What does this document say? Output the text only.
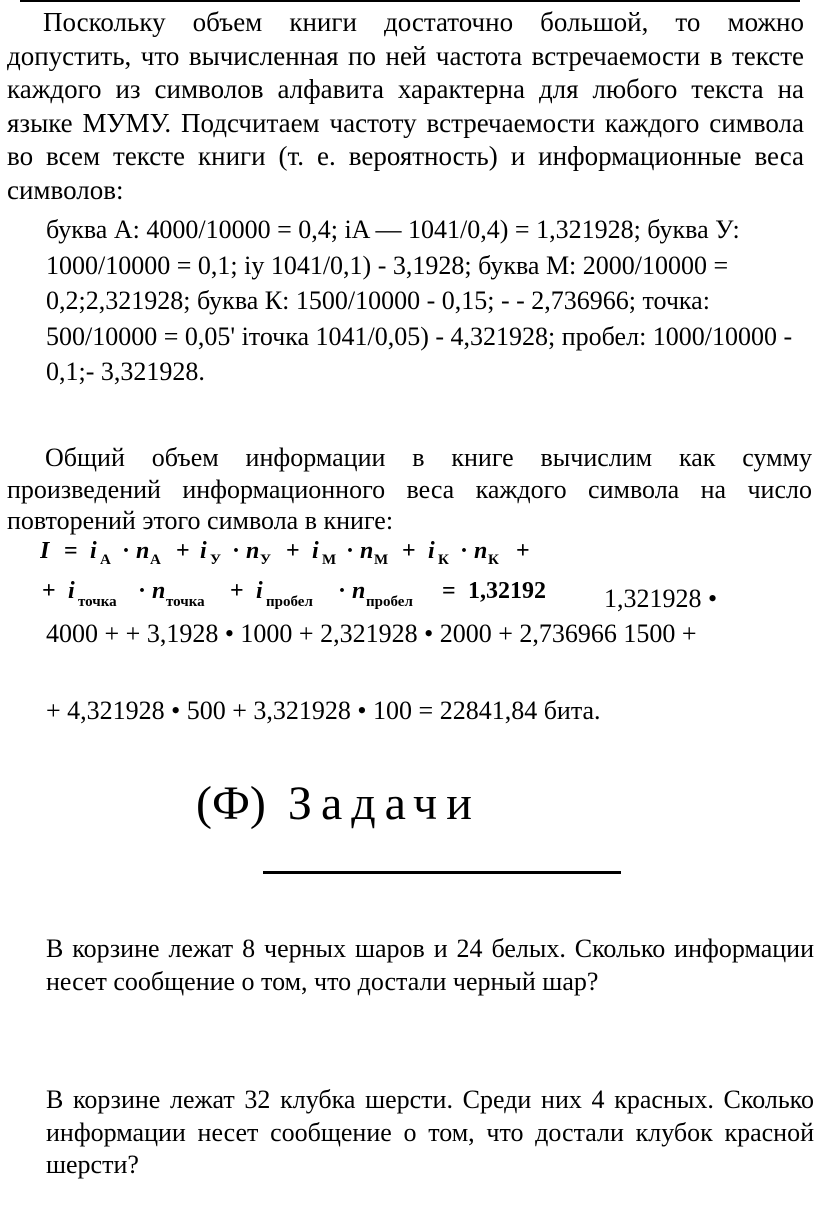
Поскольку объем книги достаточно большой, то можно допустить, что вычисленная по ней частота встречаемости в тексте каждого из символов алфавита характерна для любого текста на языке МУМУ. Подсчитаем частоту встречаемости каждого символа во всем тексте книги (т. е. вероятность) и информационные веса символов:

буква А: 4000/10000 = 0,4; iA — 1041/0,4) = 1,321928; буква У: 1000/10000 = 0,1; iy 1041/0,1) - 3,1928; буква М: 2000/10000 = 0,2;2,321928; буква К: 1500/10000 - 0,15; - - 2,736966; точка: 500/10000 = 0,05' iточка 1041/0,05) - 4,321928; пробел: 1000/10000 - 0,1;- 3,321928.

Общий объем информации в книге вычислим как сумму произведений информационного веса каждого символа на число повторений этого символа в книге:

I = i А · n А + i У · n У + i М · n М + i К · n К +
+ i точка · n точка + i пробел · n пробел = 1,32192 1,321928 •
4000 + + 3,1928 • 1000 + 2,321928 • 2000 + 2,736966 1500 +
+ 4,321928 • 500 + 3,321928 • 100 = 22841,84 бита.
(Ф) Задачи

В корзине лежат 8 черных шаров и 24 белых. Сколько информации несет сообщение о том, что достали черный шар?

В корзине лежат 32 клубка шерсти. Среди них 4 красных. Сколько информации несет сообщение о том, что достали клубок красной шерсти?
